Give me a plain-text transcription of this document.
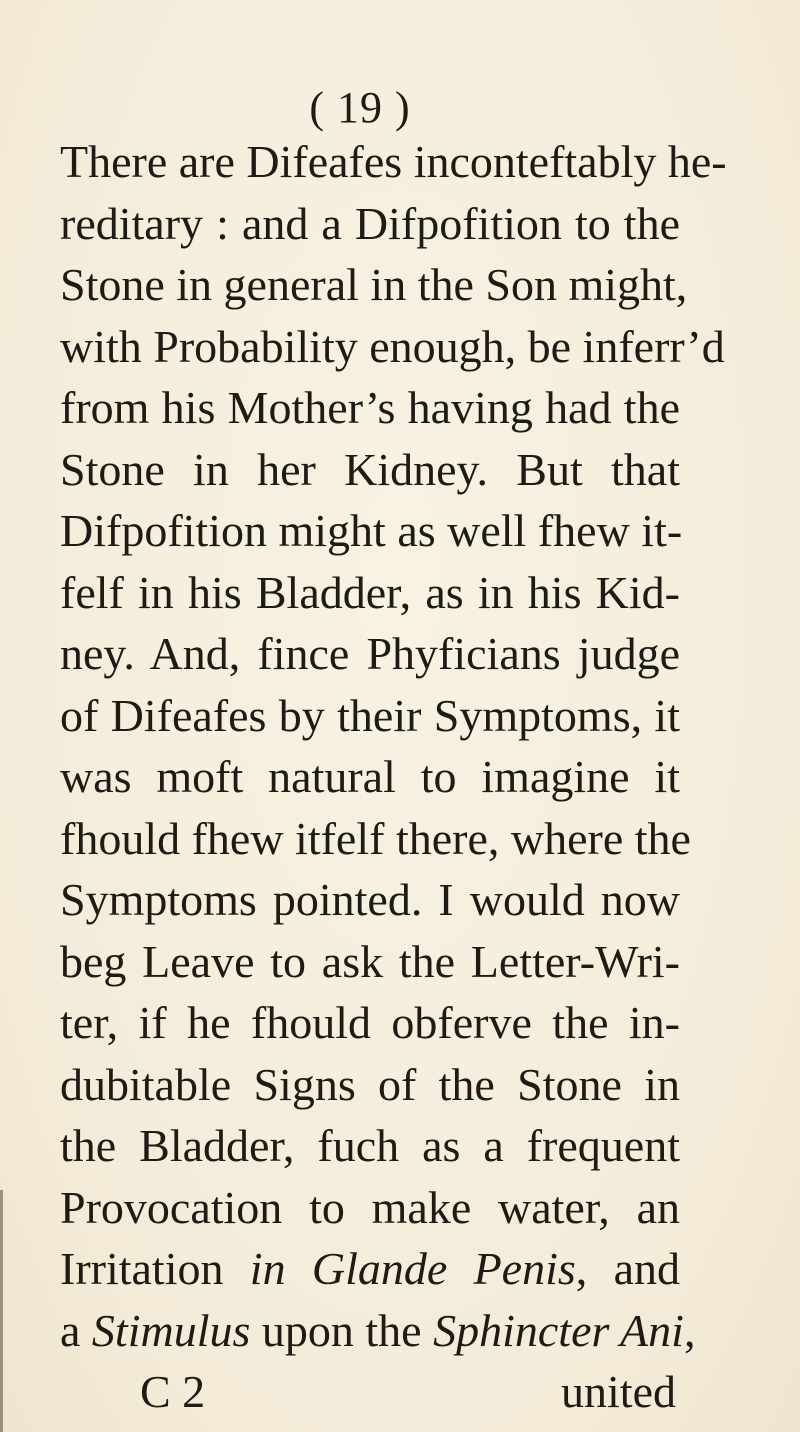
( 19 )
There are Difeafes inconteftably he-
reditary : and a Difpofition to the
Stone in general in the Son might,
with Probability enough, be inferr’d
from his Mother’s having had the
Stone in her Kidney. But that
Difpofition might as well fhew it-
felf in his Bladder, as in his Kid-
ney. And, fince Phyficians judge
of Difeafes by their Symptoms, it
was moft natural to imagine it
fhould fhew itfelf there, where the
Symptoms pointed. I would now
beg Leave to ask the Letter-Wri-
ter, if he fhould obferve the in-
dubitable Signs of the Stone in
the Bladder, fuch as a frequent
Provocation to make water, an
Irritation in Glande Penis, and
a Stimulus upon the Sphincter Ani,
C 2	united
